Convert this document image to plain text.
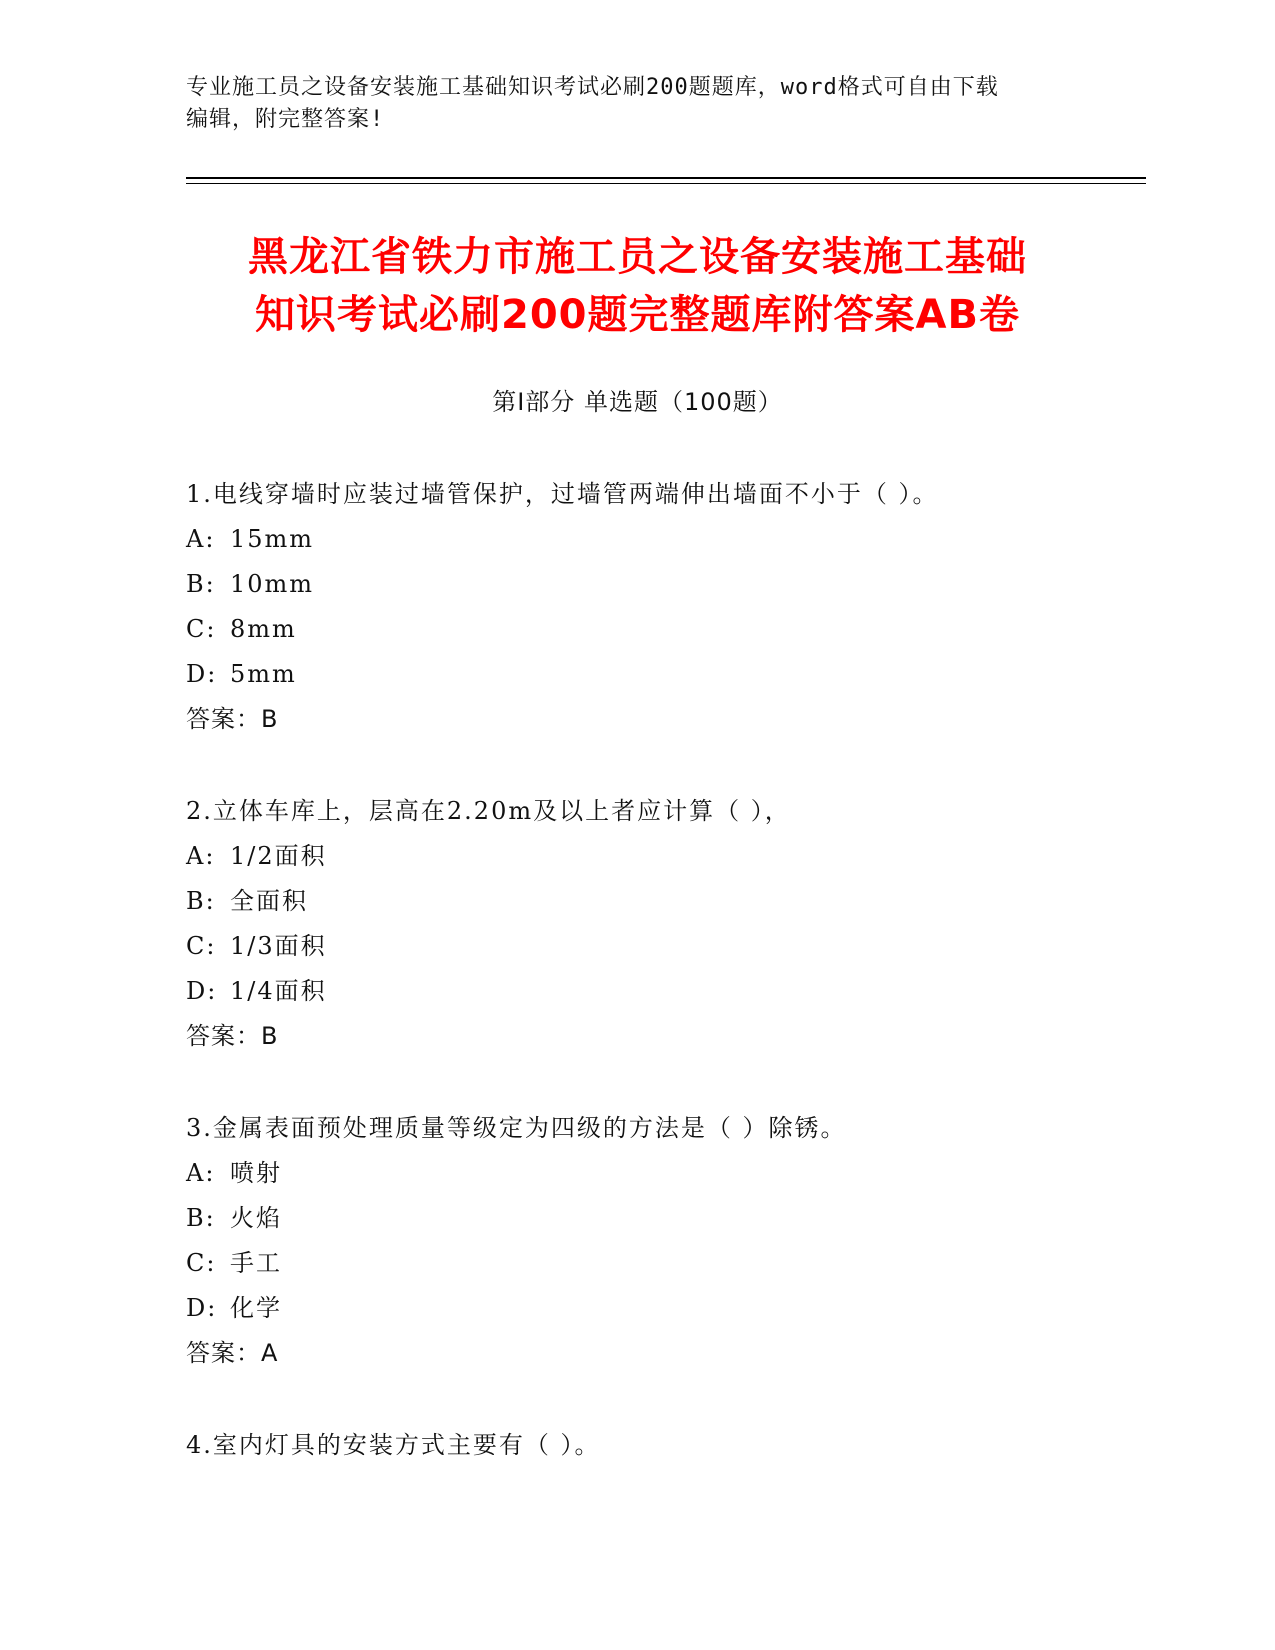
专业施工员之设备安装施工基础知识考试必刷200题题库，word格式可自由下载
编辑，附完整答案!
黑龙江省铁力市施工员之设备安装施工基础
知识考试必刷200题完整题库附答案AB卷
第I部分 单选题（100题）
1.电线穿墙时应装过墙管保护，过墙管两端伸出墙面不小于（ ）。
A: 15mm
B: 10mm
C: 8mm
D: 5mm
答案：B
2.立体车库上，层高在2.20m及以上者应计算（ ），
A: 1/2面积
B: 全面积
C: 1/3面积
D: 1/4面积
答案：B
3.金属表面预处理质量等级定为四级的方法是（ ）除锈。
A: 喷射
B: 火焰
C: 手工
D: 化学
答案：A
4.室内灯具的安装方式主要有（ ）。
